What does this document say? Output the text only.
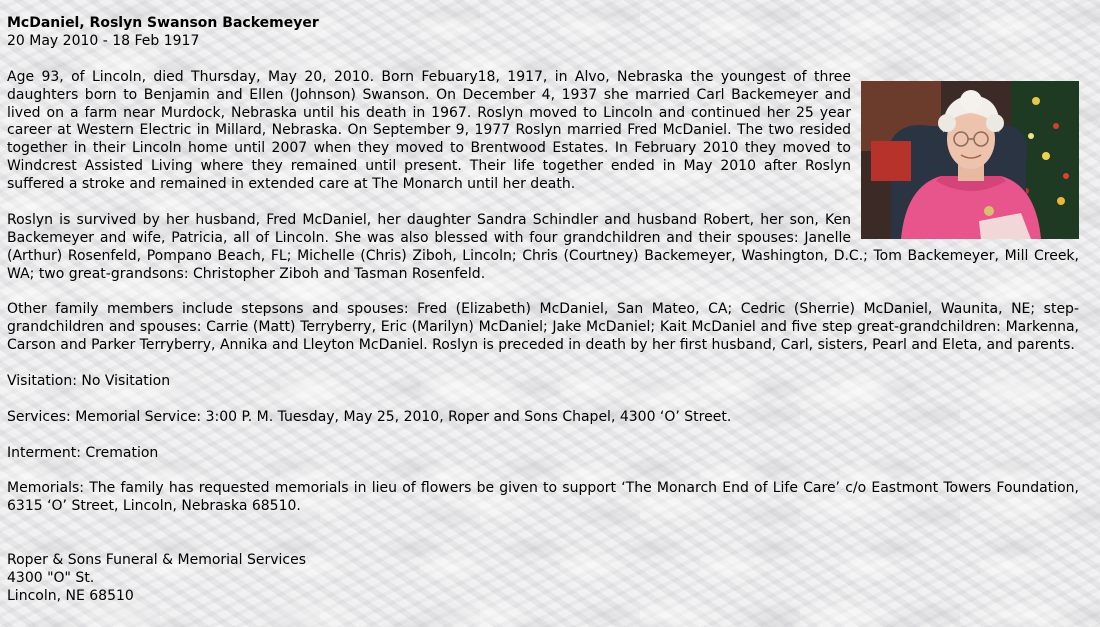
McDaniel, Roslyn Swanson Backemeyer
20 May 2010 - 18 Feb 1917

Age 93, of Lincoln, died Thursday, May 20, 2010. Born Febuary18, 1917, in Alvo, Nebraska the youngest of three daughters born to Benjamin and Ellen (Johnson) Swanson. On December 4, 1937 she married Carl Backemeyer and lived on a farm near Murdock, Nebraska until his death in 1967. Roslyn moved to Lincoln and continued her 25 year career at Western Electric in Millard, Nebraska. On September 9, 1977 Roslyn married Fred McDaniel. The two resided together in their Lincoln home until 2007 when they moved to Brentwood Estates. In February 2010 they moved to Windcrest Assisted Living where they remained until present. Their life together ended in May 2010 after Roslyn suffered a stroke and remained in extended care at The Monarch until her death.

Roslyn is survived by her husband, Fred McDaniel, her daughter Sandra Schindler and husband Robert, her son, Ken Backemeyer and wife, Patricia, all of Lincoln. She was also blessed with four grandchildren and their spouses: Janelle (Arthur) Rosenfeld, Pompano Beach, FL; Michelle (Chris) Ziboh, Lincoln; Chris (Courtney) Backemeyer, Washington, D.C.; Tom Backemeyer, Mill Creek, WA; two great-grandsons: Christopher Ziboh and Tasman Rosenfeld.

Other family members include stepsons and spouses: Fred (Elizabeth) McDaniel, San Mateo, CA; Cedric (Sherrie) McDaniel, Waunita, NE; step-grandchildren and spouses: Carrie (Matt) Terryberry, Eric (Marilyn) McDaniel; Jake McDaniel; Kait McDaniel and five step great-grandchildren: Markenna, Carson and Parker Terryberry, Annika and Lleyton McDaniel. Roslyn is preceded in death by her first husband, Carl, sisters, Pearl and Eleta, and parents.

Visitation: No Visitation

Services: Memorial Service: 3:00 P. M. Tuesday, May 25, 2010, Roper and Sons Chapel, 4300 ‘O’ Street.

Interment: Cremation

Memorials: The family has requested memorials in lieu of flowers be given to support ‘The Monarch End of Life Care’ c/o Eastmont Towers Foundation, 6315 ‘O’ Street, Lincoln, Nebraska 68510.

Roper & Sons Funeral & Memorial Services
4300 "O" St.
Lincoln, NE 68510
